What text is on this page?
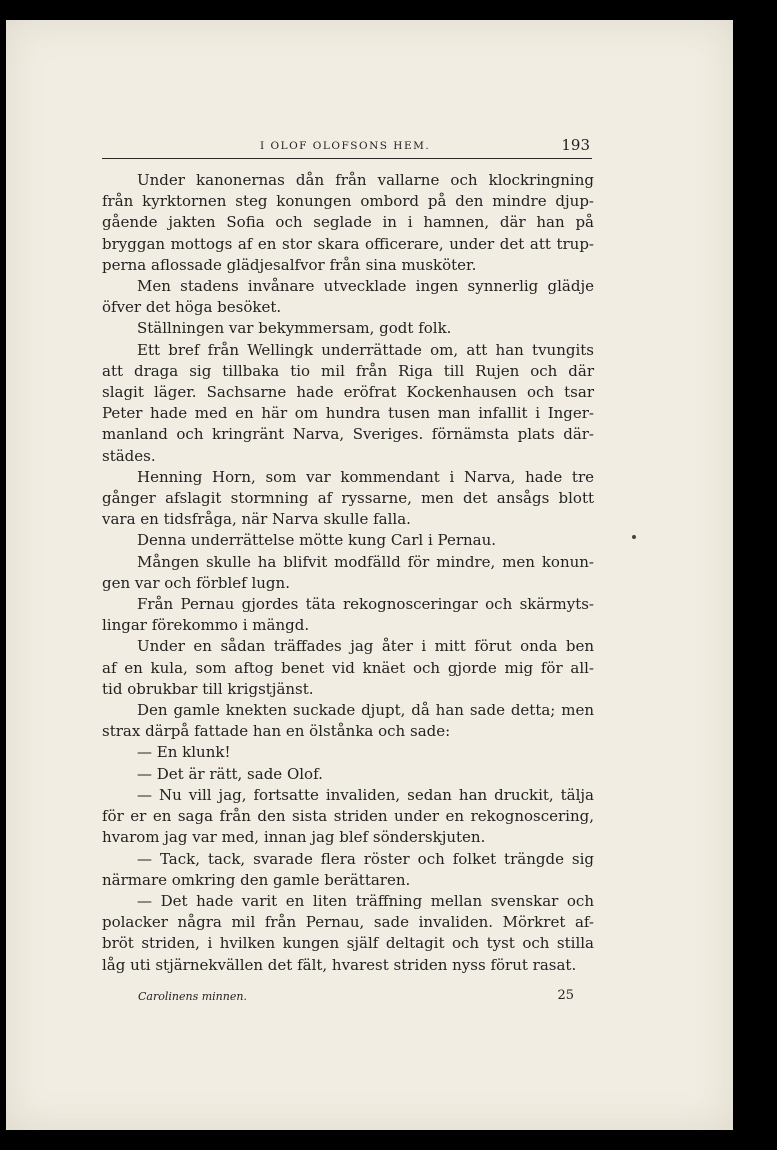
I OLOF OLOFSONS HEM.	193
Under kanonernas dån från vallarne och klockringning
från kyrktornen steg konungen ombord på den mindre djup-
gående jakten Sofia och seglade in i hamnen, där han på
bryggan mottogs af en stor skara officerare, under det att trup-
perna aflossade glädjesalfvor från sina musköter.
Men stadens invånare utvecklade ingen synnerlig glädje
öfver det höga besöket.
Ställningen var bekymmersam, godt folk.
Ett bref från Wellingk underrättade om, att han tvungits
att draga sig tillbaka tio mil från Riga till Rujen och där
slagit läger. Sachsarne hade eröfrat Kockenhausen och tsar
Peter hade med en här om hundra tusen man infallit i Inger-
manland och kringränt Narva, Sveriges. förnämsta plats där-
städes.
Henning Horn, som var kommendant i Narva, hade tre
gånger afslagit stormning af ryssarne, men det ansågs blott
vara en tidsfråga, när Narva skulle falla.
Denna underrättelse mötte kung Carl i Pernau.
Mången skulle ha blifvit modfälld för mindre, men konun-
gen var och förblef lugn.
Från Pernau gjordes täta rekognosceringar och skärmyts-
lingar förekommo i mängd.
Under en sådan träffades jag åter i mitt förut onda ben
af en kula, som aftog benet vid knäet och gjorde mig för all-
tid obrukbar till krigstjänst.
Den gamle knekten suckade djupt, då han sade detta; men
strax därpå fattade han en ölstånka och sade:
— En klunk!
— Det är rätt, sade Olof.
— Nu vill jag, fortsatte invaliden, sedan han druckit, tälja
för er en saga från den sista striden under en rekognoscering,
hvarom jag var med, innan jag blef sönderskjuten.
— Tack, tack, svarade flera röster och folket trängde sig
närmare omkring den gamle berättaren.
— Det hade varit en liten träffning mellan svenskar och
polacker några mil från Pernau, sade invaliden. Mörkret af-
bröt striden, i hvilken kungen själf deltagit och tyst och stilla
låg uti stjärnekvällen det fält, hvarest striden nyss förut rasat.
Carolinens minnen.	25
